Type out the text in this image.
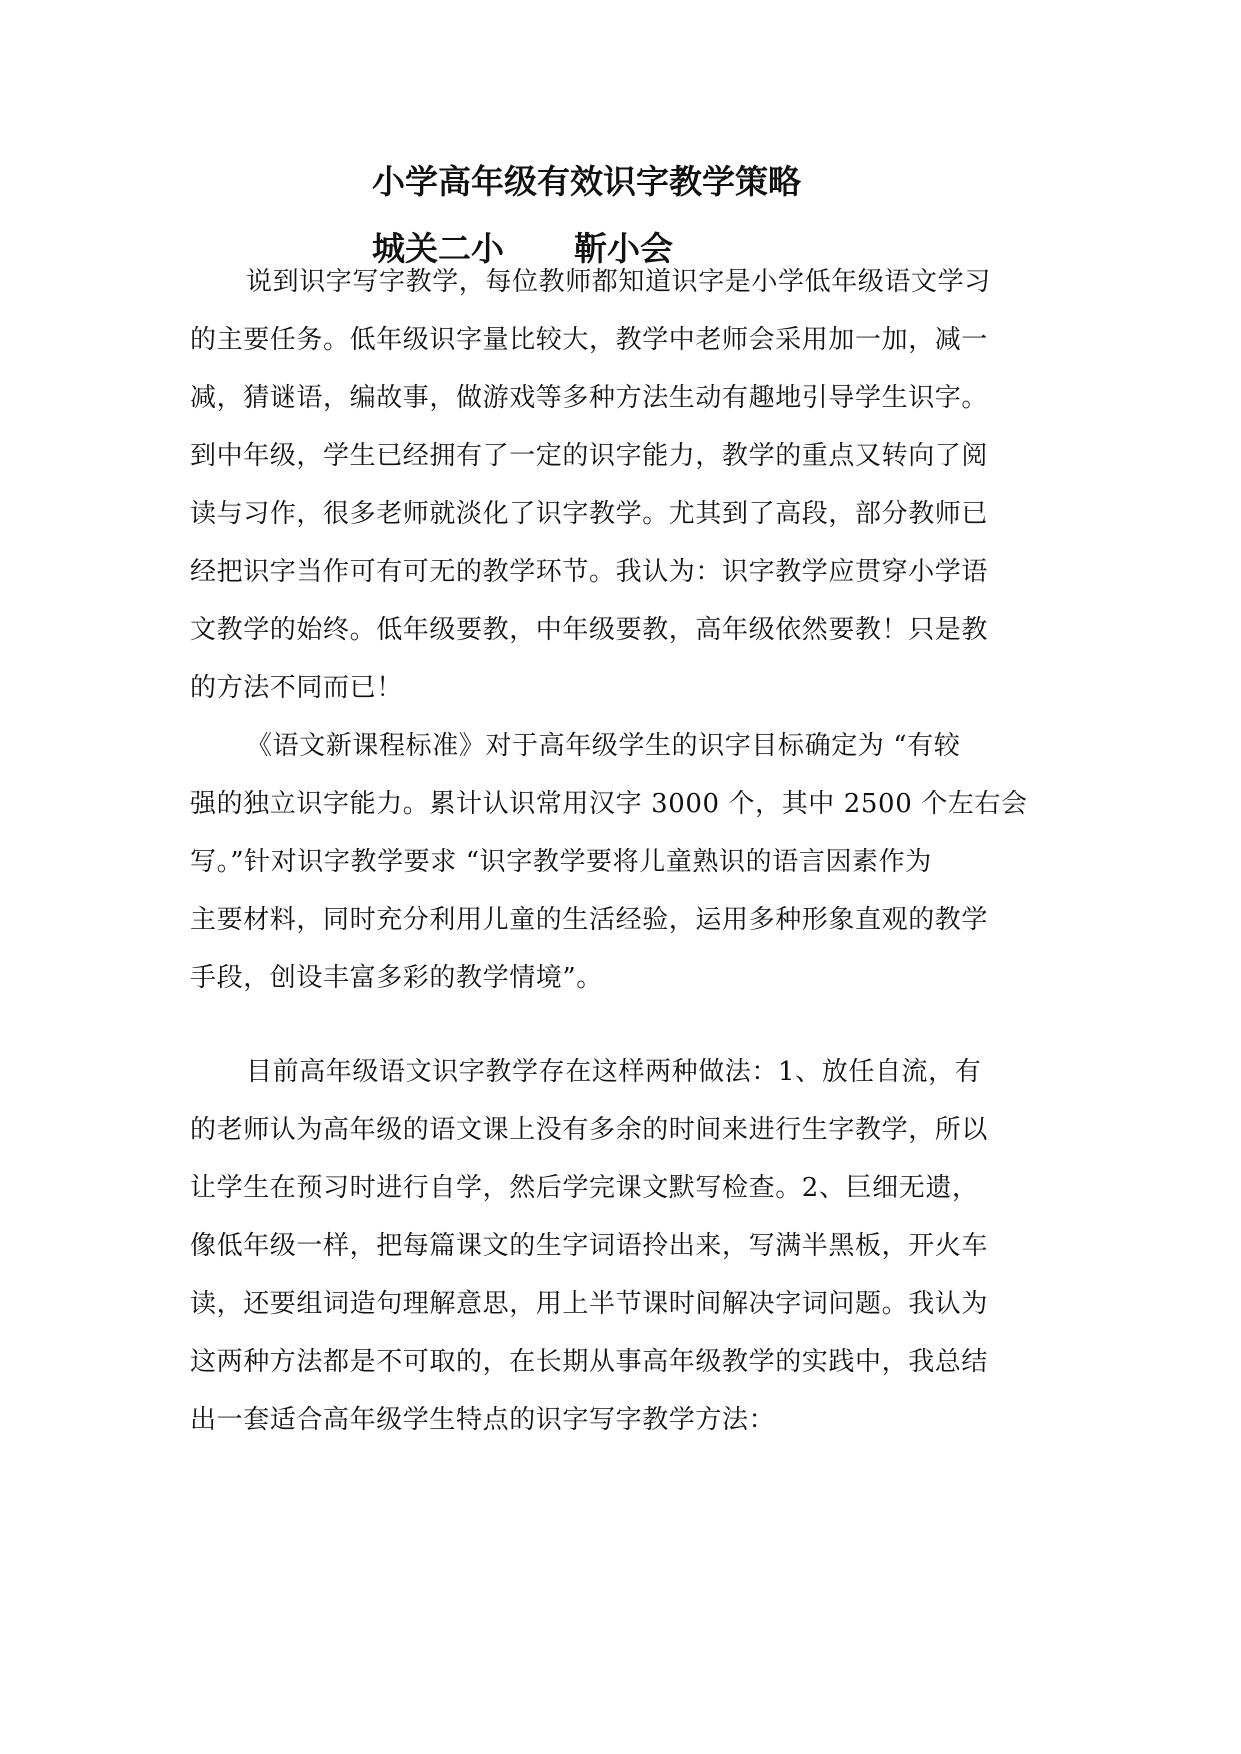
小学高年级有效识字教学策略
城关二小 靳小会
说到识字写字教学，每位教师都知道识字是小学低年级语文学习
的主要任务。低年级识字量比较大，教学中老师会采用加一加，减一
减，猜谜语，编故事，做游戏等多种方法生动有趣地引导学生识字。
到中年级，学生已经拥有了一定的识字能力，教学的重点又转向了阅
读与习作，很多老师就淡化了识字教学。尤其到了高段，部分教师已
经把识字当作可有可无的教学环节。我认为：识字教学应贯穿小学语
文教学的始终。低年级要教，中年级要教，高年级依然要教！只是教
的方法不同而已！
《语文新课程标准》对于高年级学生的识字目标确定为 “有较
强的独立识字能力。累计认识常用汉字 3000 个，其中 2500 个左右会
写。”针对识字教学要求 “识字教学要将儿童熟识的语言因素作为
主要材料，同时充分利用儿童的生活经验，运用多种形象直观的教学
手段，创设丰富多彩的教学情境”。
目前高年级语文识字教学存在这样两种做法：1、放任自流，有
的老师认为高年级的语文课上没有多余的时间来进行生字教学，所以
让学生在预习时进行自学，然后学完课文默写检查。2、巨细无遗，
像低年级一样，把每篇课文的生字词语拎出来，写满半黑板，开火车
读，还要组词造句理解意思，用上半节课时间解决字词问题。我认为
这两种方法都是不可取的，在长期从事高年级教学的实践中，我总结
出一套适合高年级学生特点的识字写字教学方法：
